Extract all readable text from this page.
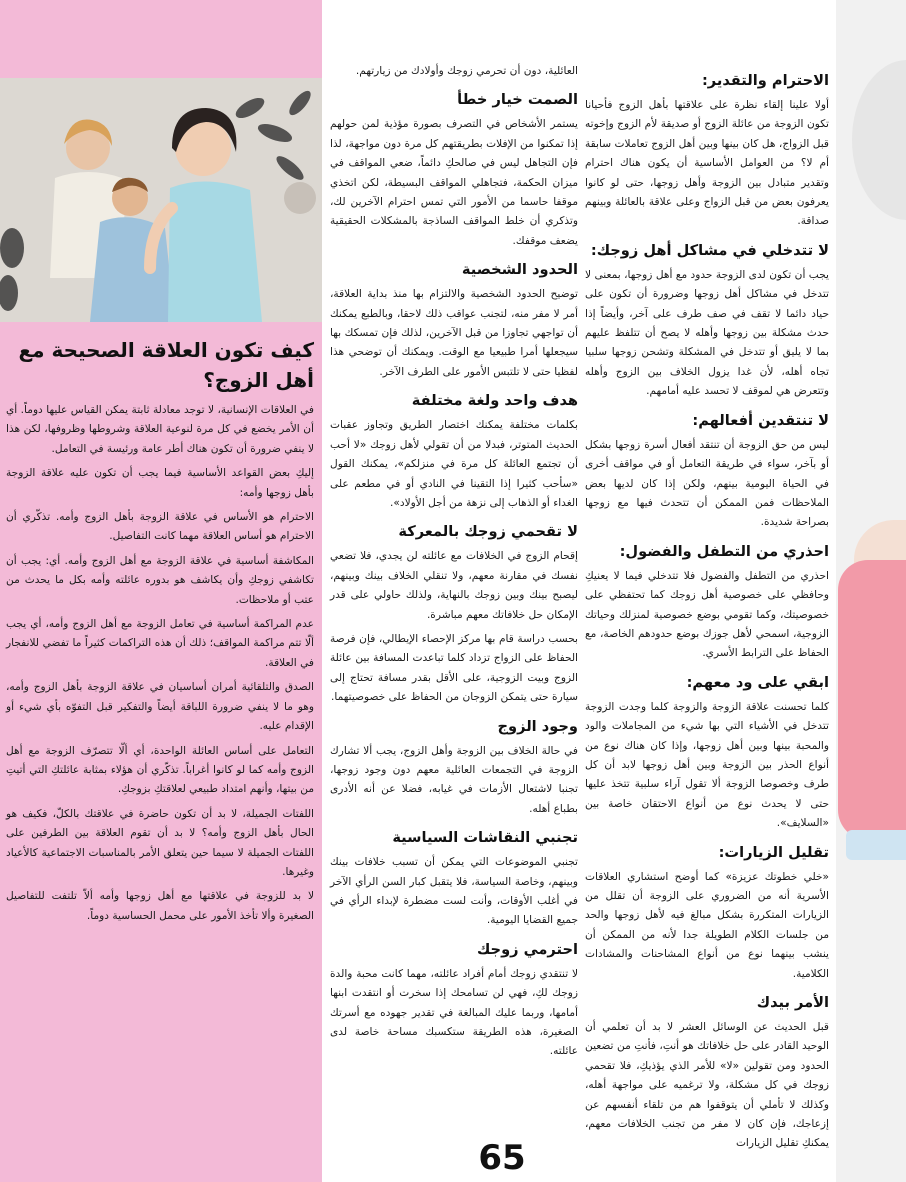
كيف تكون العلاقة الصحيحة مع أهل الزوج؟

في العلاقات الإنسانية، لا توجد معادلة ثابتة يمكن القياس عليها دوماً. أي أن الأمر يخضع في كل مرة لنوعية العلاقة وشروطها وظروفها، لكن هذا لا ينفي ضرورة أن تكون هناك أطر عامة ورئيسة في التعامل.

إليكِ بعض القواعد الأساسية فيما يجب أن تكون عليه علاقة الزوجة بأهل زوجها وأمه:

الاحترام هو الأساس في علاقة الزوجة بأهل الزوج وأمه. تذكّري أن الاحترام هو أساس العلاقة مهما كانت التفاصيل.

المكاشفة أساسية في علاقة الزوجة مع أهل الزوج وأمه. أي: يجب أن تكاشفي زوجكِ وأن يكاشف هو بدوره عائلته وأمه بكل ما يحدث من عتب أو ملاحظات.

عدم المراكمة أساسية في تعامل الزوجة مع أهل الزوج وأمه، أي يجب ألّا تتم مراكمة المواقف؛ ذلك أن هذه التراكمات كثيراً ما تفضي للانفجار في العلاقة.

الصدق والتلقائية أمران أساسيان في علاقة الزوجة بأهل الزوج وأمه، وهو ما لا ينفي ضرورة اللباقة أيضاً والتفكير قبل التفوّه بأي شيء أو الإقدام عليه.

التعامل على أساس العائلة الواحدة، أي ألّا تتصرّف الزوجة مع أهل الزوج وأمه كما لو كانوا أغراباً. تذكّري أن هؤلاء بمثابة عائلتكِ التي أتيتِ من بيتها، وأنهم امتداد طبيعي لعلاقتكِ بزوجكِ.

اللفتات الجميلة، لا بد أن تكون حاضرة في علاقتك بالكلّ، فكيف هو الحال بأهل الزوج وأمه؟ لا بد أن تقوم العلاقة بين الطرفين على اللفتات الجميلة لا سيما حين يتعلق الأمر بالمناسبات الاجتماعية كالأعياد وغيرها.

لا بد للزوجة في علاقتها مع أهل زوجها وأمه ألاّ تلتفت للتفاصيل الصغيرة وألا تأخذ الأمور على محمل الحساسية دوماً.

العائلية، دون أن تحرمي زوجك وأولادك من زيارتهم.

الصمت خيار خطأ

يستمر الأشخاص في التصرف بصورة مؤذية لمن حولهم إذا تمكنوا من الإفلات بطريقتهم كل مرة دون مواجهة، لذا فإن التجاهل ليس في صالحكِ دائماً، ضعي المواقف في ميزان الحكمة، فتجاهلي المواقف البسيطة، لكن اتخذي موقفا حاسما من الأمور التي تمس احترام الآخرين لك، وتذكري أن خلط المواقف الساذجة بالمشكلات الحقيقية يضعف موقفك.

الحدود الشخصية

توضيح الحدود الشخصية والالتزام بها منذ بداية العلاقة، أمر لا مفر منه، لتجنب عواقب ذلك لاحقا، وبالطبع يمكنك أن تواجهي تجاوزا من قبل الآخرين، لذلك فإن تمسكك بها سيجعلها أمرا طبيعيا مع الوقت. ويمكنك أن توضحي هذا لفظيا حتى لا تلتبس الأمور على الطرف الآخر.

هدف واحد ولغة مختلفة

بكلمات مختلفة يمكنك اختصار الطريق وتجاوز عقبات الحديث المتوتر، فبدلا من أن تقولي لأهل زوجك «لا أحب أن تجتمع العائلة كل مرة في منزلكم»، يمكنك القول «سأحب كثيرا إذا التقينا في النادي أو في مطعم على الغداء أو الذهاب إلى نزهة من أجل الأولاد».

لا تقحمي زوجك بالمعركة

إقحام الزوج في الخلافات مع عائلته لن يجدي، فلا تضعي نفسك في مقارنة معهم، ولا تنقلي الخلاف بينك وبينهم، ليصبح بينك وبين زوجك بالنهاية، ولذلك حاولي على قدر الإمكان حل خلافاتك معهم مباشرة.

بحسب دراسة قام بها مركز الإحصاء الإيطالي، فإن فرصة الحفاظ على الزواج تزداد كلما تباعدت المسافة بين عائلة الزوج وبيت الزوجية، على الأقل بقدر مسافة تحتاج إلى سيارة حتى يتمكن الزوجان من الحفاظ على خصوصيتهما.

وجود الزوج

في حالة الخلاف بين الزوجة وأهل الزوج، يجب ألا تشارك الزوجة في التجمعات العائلية معهم دون وجود زوجها، تجنبا لاشتعال الأزمات في غيابه، فضلا عن أنه الأدرى بطباع أهله.

تجنبي النقاشات السياسية

تجنبي الموضوعات التي يمكن أن تسبب خلافات بينك وبينهم، وخاصة السياسة، فلا يتقبل كبار السن الرأي الآخر في أغلب الأوقات، وأنت لست مضطرة لإبداء الرأي في جميع القضايا اليومية.

احترمي زوجك

لا تنتقدي زوجك أمام أفراد عائلته، مهما كانت محبة والدة زوجك لكِ، فهي لن تسامحك إذا سخرت أو انتقدت ابنها أمامها، وربما عليك المبالغة في تقدير جهوده مع أسرتك الصغيرة، هذه الطريقة ستكسبك مساحة خاصة لدى عائلته.

الاحترام والتقدير:

أولا علينا إلقاء نظرة على علاقتها بأهل الزوج فأحيانا تكون الزوجة من عائلة الزوج أو صديقة لأم الزوج وإخوته قبل الزواج، هل كان بينها وبين أهل الزوج تعاملات سابقة أم لا؟ من العوامل الأساسية أن يكون هناك احترام وتقدير متبادل بين الزوجة وأهل زوجها، حتى لو كانوا يعرفون بعض من قبل الزواج وعلى علاقة بالعائلة وبينهم صداقة.

لا تتدخلي في مشاكل أهل زوجك:

يجب أن تكون لدى الزوجة حدود مع أهل زوجها، بمعنى لا تتدخل في مشاكل أهل زوجها وضرورة أن تكون على حياد دائما لا تقف في صف طرف على آخر، وأيضاً إذا حدث مشكلة بين زوجها وأهله لا يصح أن تتلفظ عليهم بما لا يليق أو تتدخل في المشكلة وتشحن زوجها سلبيا تجاه أهله، لأن غدا يزول الخلاف بين الزوج وأهله وتتعرض هي لموقف لا تحسد عليه أمامهم.

لا تنتقدين أفعالهم:

ليس من حق الزوجة أن تنتقد أفعال أسرة زوجها بشكل أو بآخر، سواء في طريقة التعامل أو في مواقف أخرى في الحياة اليومية بينهم، ولكن إذا كان لديها بعض الملاحظات فمن الممكن أن تتحدث فيها مع زوجها بصراحة شديدة.

احذري من التطفل والفضول:

احذري من التطفل والفضول فلا تتدخلي فيما لا يعنيكِ وحافظي على خصوصية أهل زوجك كما تحتفظي على خصوصيتك، وكما تقومي بوضع خصوصية لمنزلك وحياتك الزوجية، اسمحي لأهل جوزك بوضع حدودهم الخاصة، مع الحفاظ على الترابط الأسري.

ابقي على ود معهم:

كلما تحسنت علاقة الزوجة والزوجة كلما وجدت الزوجة تتدخل في الأشياء التي بها شيء من المجاملات والود والمحبة بينها وبين أهل زوجها، وإذا كان هناك نوع من أنواع الحذر بين الزوجة وبين أهل زوجها لابد أن كل طرف وخصوصا الزوجة ألا تقول آراء سلبية تتخذ عليها حتى لا يحدث نوع من أنواع الاحتقان خاصة بين «السلايف».

تقليل الزيارات:

«خلي خطوتك عزيزة» كما أوضح استشاري العلاقات الأسرية أنه من الضروري على الزوجة أن تقلل من الزيارات المتكررة بشكل مبالغ فيه لأهل زوجها والحد من جلسات الكلام الطويلة جدا لأنه من الممكن أن ينشب بينهما نوع من أنواع المشاحنات والمشادات الكلامية.

الأمر بيدك

قبل الحديث عن الوسائل العشر لا بد أن تعلمي أن الوحيد القادر على حل خلافاتك هو أنتِ، فأنتِ من تضعين الحدود ومن تقولين «لا» للأمر الذي يؤذيكِ، فلا تقحمي زوجك في كل مشكلة، ولا ترغميه على مواجهة أهله، وكذلك لا تأملي أن يتوقفوا هم من تلقاء أنفسهم عن إزعاجك، فإن كان لا مفر من تجنب الخلافات معهم، يمكنكِ تقليل الزيارات

65
